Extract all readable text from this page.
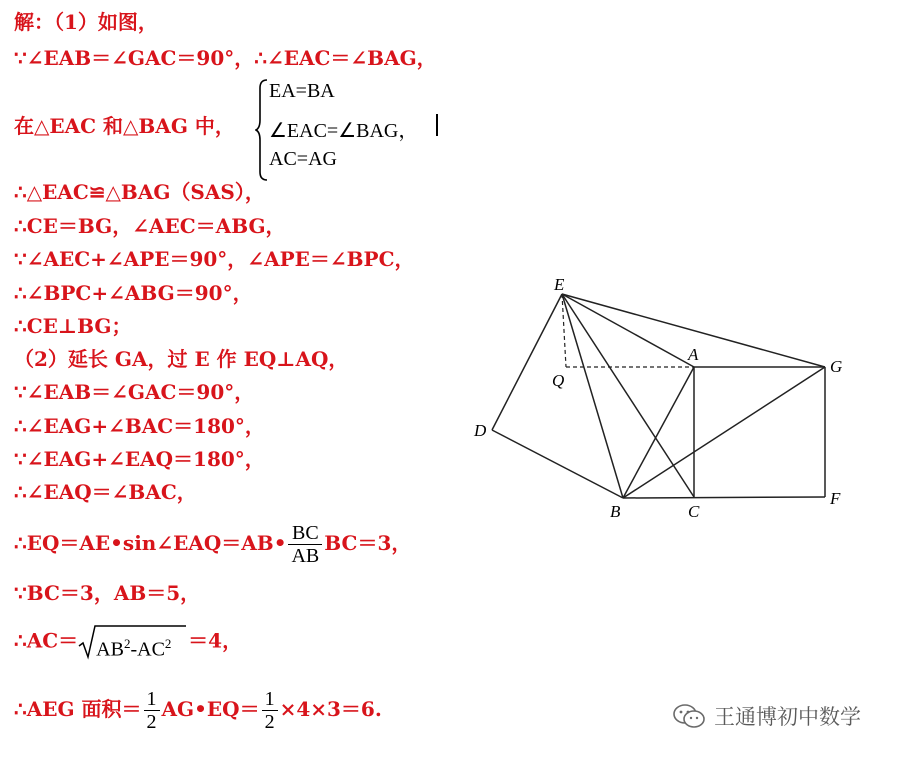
解：（1）如图，
∵∠EAB＝∠GAC＝90°，∴∠EAC＝∠BAG，
在△EAC 和△BAG 中，
EA=BA
∠EAC=∠BAG，
AC=AG
∴△EAC≌△BAG（SAS），
∴CE＝BG，∠AEC＝ABG，
∵∠AEC+∠APE＝90°，∠APE＝∠BPC，
∴∠BPC+∠ABG＝90°，
∴CE⊥BG；
（2）延长 GA，过 E 作 EQ⊥AQ，
∵∠EAB＝∠GAC＝90°，
∴∠EAG+∠BAC＝180°，
∵∠EAG+∠EAQ＝180°，
∴∠EAQ＝∠BAC，
∴EQ＝AE•sin∠EAQ＝AB• $\frac{BC}{AB} BC=3$，
∵BC＝3，AB＝5，
∴AC＝ $AB^2-AC^2 =4$，
∴AEG 面积＝ $\frac{1}{2}$ AG•EQ＝ $\frac{1}{2} \times 4\times 3=6$.
E
A
G
Q
D
B	C
F
王通博初中数学
